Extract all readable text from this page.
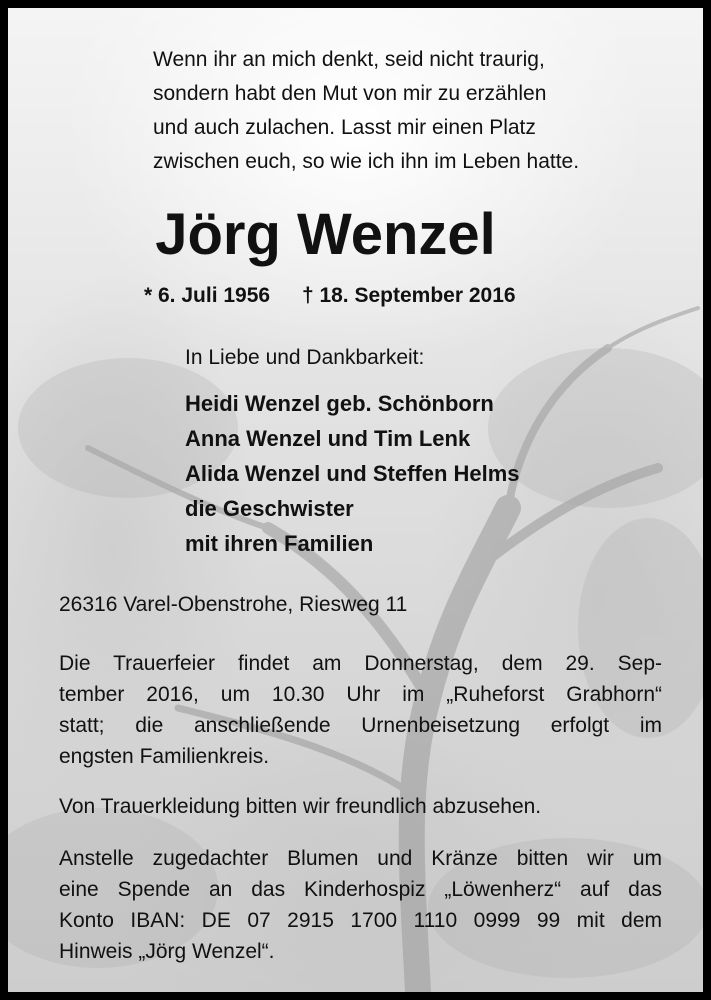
Wenn ihr an mich denkt, seid nicht traurig,
sondern habt den Mut von mir zu erzählen
und auch zulachen. Lasst mir einen Platz
zwischen euch, so wie ich ihn im Leben hatte.
Jörg Wenzel
* 6. Juli 1956 † 18. September 2016
In Liebe und Dankbarkeit:
Heidi Wenzel geb. Schönborn
Anna Wenzel und Tim Lenk
Alida Wenzel und Steffen Helms
die Geschwister
mit ihren Familien
26316 Varel-Obenstrohe, Riesweg 11
Die Trauerfeier findet am Donnerstag, dem 29. Sep-
tember 2016, um 10.30 Uhr im „Ruheforst Grabhorn“
statt; die anschließende Urnenbeisetzung erfolgt im
engsten Familienkreis.
Von Trauerkleidung bitten wir freundlich abzusehen.
Anstelle zugedachter Blumen und Kränze bitten wir um
eine Spende an das Kinderhospiz „Löwenherz“ auf das
Konto IBAN: DE 07 2915 1700 1110 0999 99 mit dem
Hinweis „Jörg Wenzel“.
